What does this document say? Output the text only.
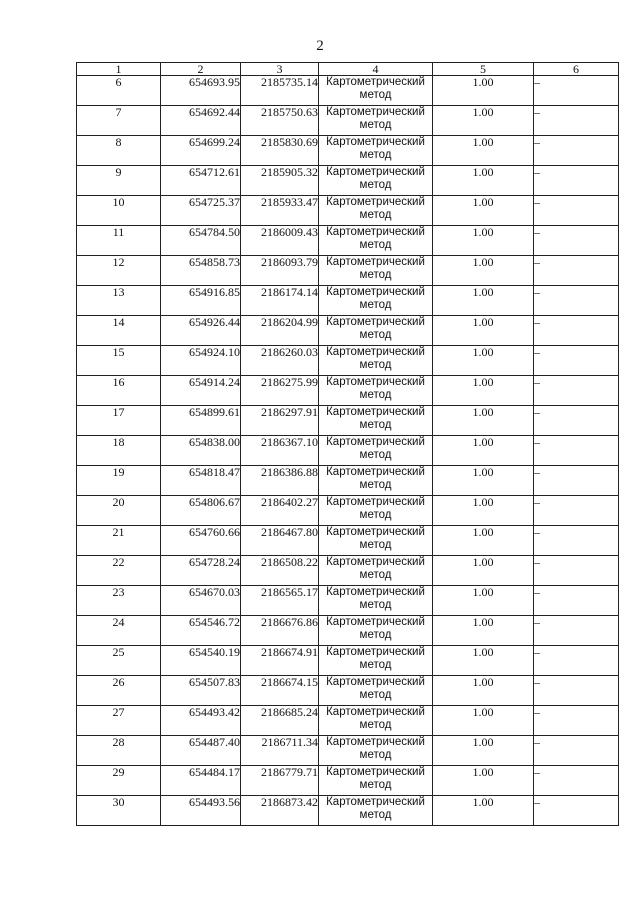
2
1	2	3	4	5	6
6	654693.95	2185735.14	Картометрический метод	1.00	–
7	654692.44	2185750.63	Картометрический метод	1.00	–
8	654699.24	2185830.69	Картометрический метод	1.00	–
9	654712.61	2185905.32	Картометрический метод	1.00	–
10	654725.37	2185933.47	Картометрический метод	1.00	–
11	654784.50	2186009.43	Картометрический метод	1.00	–
12	654858.73	2186093.79	Картометрический метод	1.00	–
13	654916.85	2186174.14	Картометрический метод	1.00	–
14	654926.44	2186204.99	Картометрический метод	1.00	–
15	654924.10	2186260.03	Картометрический метод	1.00	–
16	654914.24	2186275.99	Картометрический метод	1.00	–
17	654899.61	2186297.91	Картометрический метод	1.00	–
18	654838.00	2186367.10	Картометрический метод	1.00	–
19	654818.47	2186386.88	Картометрический метод	1.00	–
20	654806.67	2186402.27	Картометрический метод	1.00	–
21	654760.66	2186467.80	Картометрический метод	1.00	–
22	654728.24	2186508.22	Картометрический метод	1.00	–
23	654670.03	2186565.17	Картометрический метод	1.00	–
24	654546.72	2186676.86	Картометрический метод	1.00	–
25	654540.19	2186674.91	Картометрический метод	1.00	–
26	654507.83	2186674.15	Картометрический метод	1.00	–
27	654493.42	2186685.24	Картометрический метод	1.00	–
28	654487.40	2186711.34	Картометрический метод	1.00	–
29	654484.17	2186779.71	Картометрический метод	1.00	–
30	654493.56	2186873.42	Картометрический метод	1.00	–
